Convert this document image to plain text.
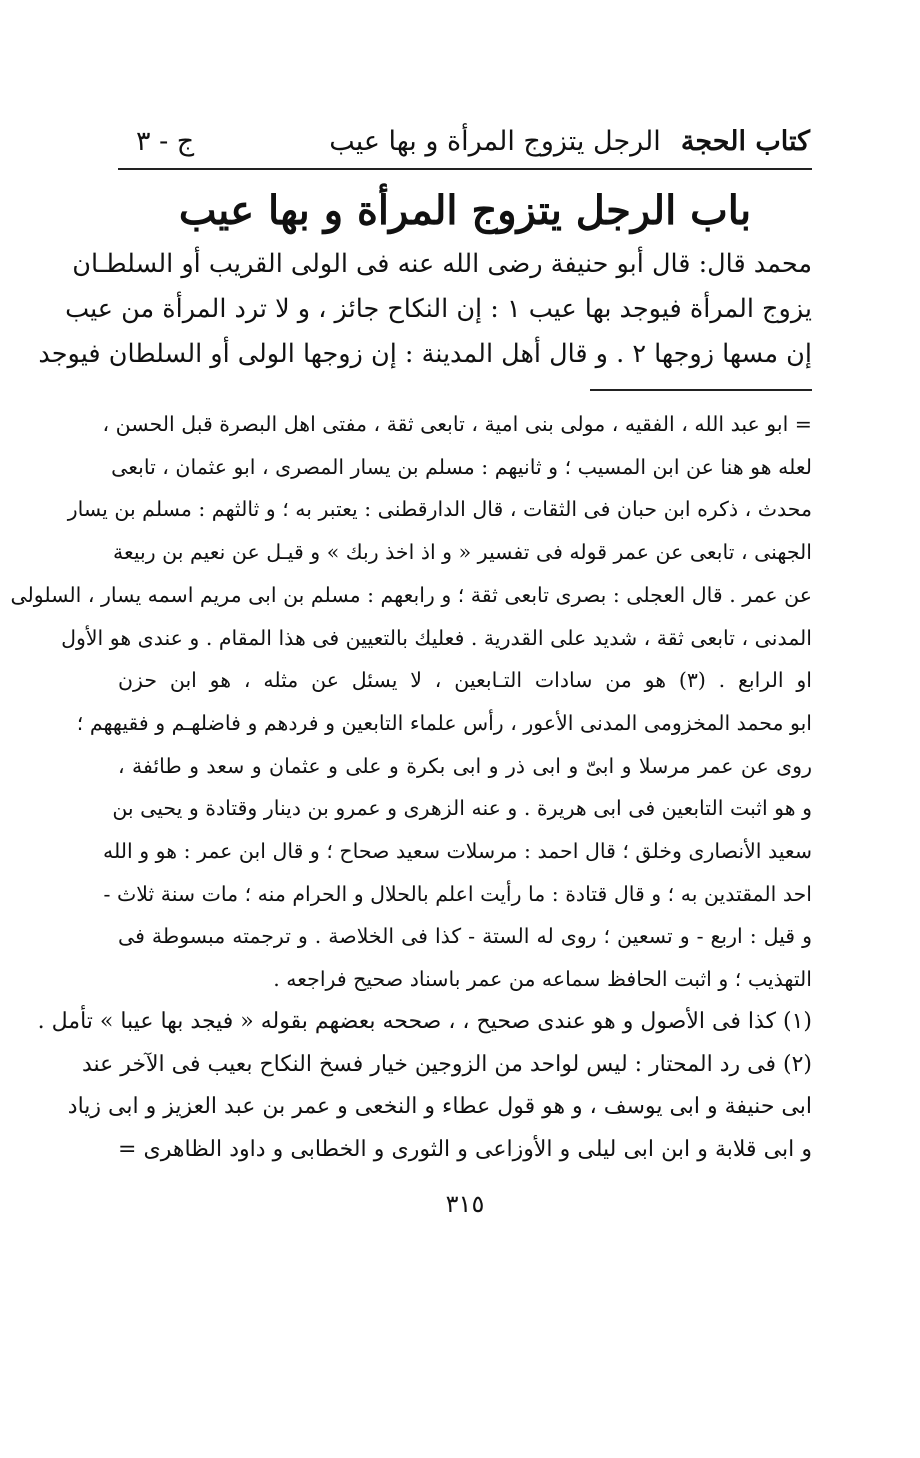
كتاب الحجة
الرجل يتزوج المرأة و بها عيب
ج - ٣
باب الرجل يتزوج المرأة و بها عيب
محمد قال: قال أبو حنيفة رضى الله عنه فى الولى القريب أو السلطـان
يزوج المرأة فيوجد بها عيب ١ : إن النكاح جائز ، و لا ترد المرأة من عيب
إن مسها زوجها ٢ . و قال أهل المدينة : إن زوجها الولى أو السلطان فيوجد
= ابو عبد الله ، الفقيه ، مولى بنى امية ، تابعى ثقة ، مفتى اهل البصرة قبل الحسن ،
لعله هو هنا عن ابن المسيب ؛ و ثانيهم : مسلم بن يسار المصرى ، ابو عثمان ، تابعى
محدث ، ذكره ابن حبان فى الثقات ، قال الدارقطنى : يعتبر به ؛ و ثالثهم : مسلم بن يسار
الجهنى ، تابعى عن عمر قوله فى تفسير « و اذ اخذ ربك » و قيـل عن نعيم بن ربيعة
عن عمر . قال العجلى : بصرى تابعى ثقة ؛ و رابعهم : مسلم بن ابى مريم اسمه يسار ، السلولى
المدنى ، تابعى ثقة ، شديد على القدرية . فعليك بالتعيين فى هذا المقام . و عندى هو الأول
او الرابع . (٣) هو من سادات التـابعين ، لا يسئل عن مثله ، هو ابن حزن
ابو محمد المخزومى المدنى الأعور ، رأس علماء التابعين و فردهم و فاضلهـم و فقيههم ؛
روى عن عمر مرسلا و ابىّ و ابى ذر و ابى بكرة و على و عثمان و سعد و طائفة ،
و هو اثبت التابعين فى ابى هريرة . و عنه الزهرى و عمرو بن دينار وقتادة و يحيى بن
سعيد الأنصارى وخلق ؛ قال احمد : مرسلات سعيد صحاح ؛ و قال ابن عمر : هو و الله
احد المقتدين به ؛ و قال قتادة : ما رأيت اعلم بالحلال و الحرام منه ؛ مات سنة ثلاث -
و قيل : اربع - و تسعين ؛ روى له الستة - كذا فى الخلاصة . و ترجمته مبسوطة فى
التهذيب ؛ و اثبت الحافظ سماعه من عمر باسناد صحيح فراجعه .
(١) كذا فى الأصول و هو عندى صحيح ، ، صححه بعضهم بقوله « فيجد بها عيبا » تأمل .
(٢) فى رد المحتار : ليس لواحد من الزوجين خيار فسخ النكاح بعيب فى الآخر عند
ابى حنيفة و ابى يوسف ، و هو قول عطاء و النخعى و عمر بن عبد العزيز و ابى زياد
و ابى قلابة و ابن ابى ليلى و الأوزاعى و الثورى و الخطابى و داود الظاهرى =
٣١٥
